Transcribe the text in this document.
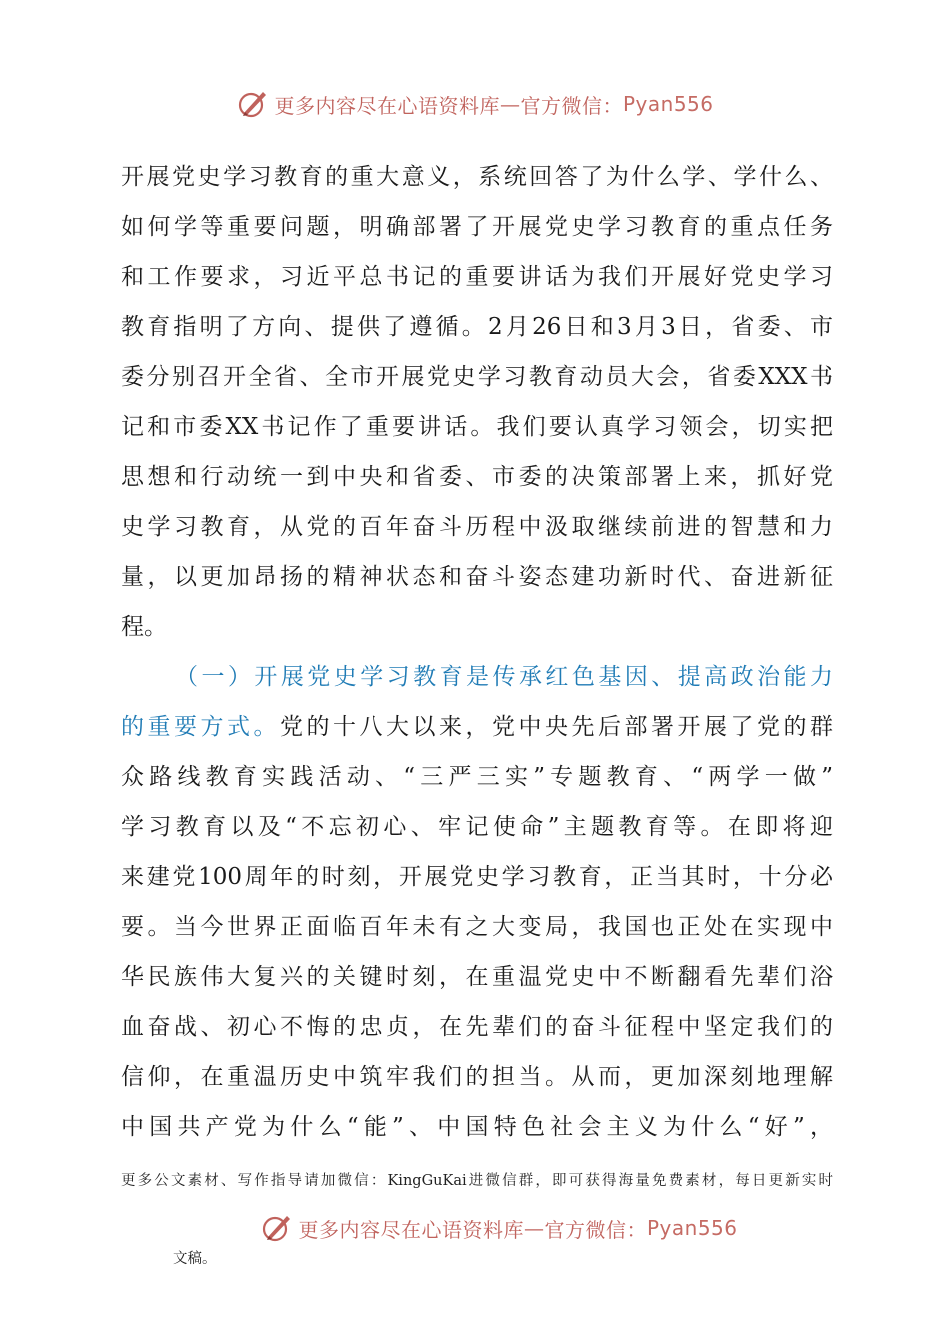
更多内容尽在心语资料库 — 官方微信： Pyan556
开展党史学习教育的重大意义，系统回答了为什么学、学什么、
如何学等重要问题，明确部署了开展党史学习教育的重点任务
和工作要求，习近平总书记的重要讲话为我们开展好党史学习
教育指明了方向、提供了遵循。2月26日和3月3日，省委、市
委分别召开全省、全市开展党史学习教育动员大会，省委XXX书
记和市委XX书记作了重要讲话。我们要认真学习领会，切实把
思想和行动统一到中央和省委、市委的决策部署上来，抓好党
史学习教育，从党的百年奋斗历程中汲取继续前进的智慧和力
量，以更加昂扬的精神状态和奋斗姿态建功新时代、奋进新征
程。
（一）开展党史学习教育是传承红色基因、提高政治能力
的重要方式。党的十八大以来，党中央先后部署开展了党的群
众路线教育实践活动、“三严三实”专题教育、“两学一做”
学习教育以及“不忘初心、牢记使命”主题教育等。在即将迎
来建党100周年的时刻，开展党史学习教育，正当其时，十分必
要。当今世界正面临百年未有之大变局，我国也正处在实现中
华民族伟大复兴的关键时刻，在重温党史中不断翻看先辈们浴
血奋战、初心不悔的忠贞，在先辈们的奋斗征程中坚定我们的
信仰，在重温历史中筑牢我们的担当。从而，更加深刻地理解
中国共产党为什么“能”、中国特色社会主义为什么“好”，
更多公文素材、写作指导请加微信：KingGuKai进微信群，即可获得海量免费素材，每日更新实时
更多内容尽在心语资料库 — 官方微信： Pyan556
文稿。
